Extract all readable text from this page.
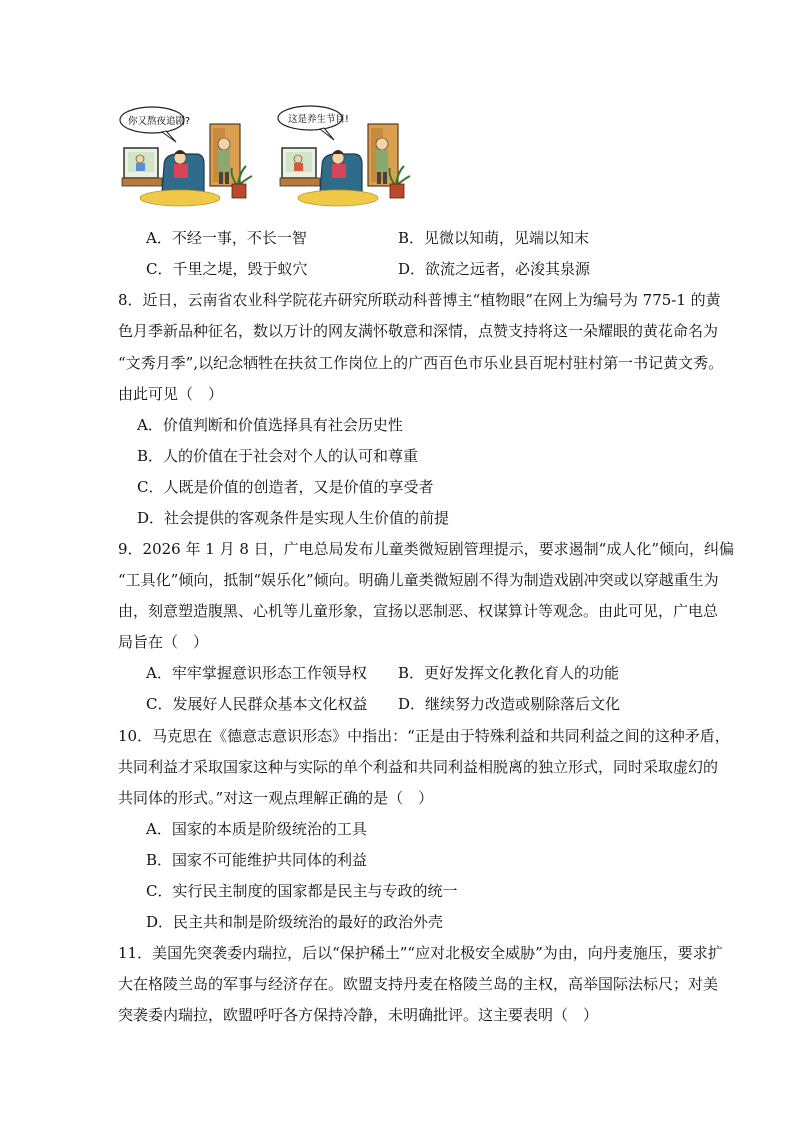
你又熬夜追剧?	这是养生节目!
A．不经一事，不长一智	B．见微以知萌，见端以知末
C．千里之堤，毁于蚁穴	D．欲流之远者，必浚其泉源
8．近日，云南省农业科学院花卉研究所联动科普博主“植物眼”在网上为编号为 775-1 的黄
色月季新品种征名，数以万计的网友满怀敬意和深情，点赞支持将这一朵耀眼的黄花命名为
“文秀月季”,以纪念牺牲在扶贫工作岗位上的广西百色市乐业县百坭村驻村第一书记黄文秀。
由此可见（　）
A．价值判断和价值选择具有社会历史性
B．人的价值在于社会对个人的认可和尊重
C．人既是价值的创造者，又是价值的享受者
D．社会提供的客观条件是实现人生价值的前提
9．2026 年 1 月 8 日，广电总局发布儿童类微短剧管理提示，要求遏制“成人化”倾向，纠偏
“工具化”倾向，抵制“娱乐化”倾向。明确儿童类微短剧不得为制造戏剧冲突或以穿越重生为
由，刻意塑造腹黑、心机等儿童形象，宣扬以恶制恶、权谋算计等观念。由此可见，广电总
局旨在（　）
A．牢牢掌握意识形态工作领导权 B．更好发挥文化教化育人的功能
C．发展好人民群众基本文化权益 D．继续努力改造或剔除落后文化
10．马克思在《德意志意识形态》中指出：“正是由于特殊利益和共同利益之间的这种矛盾，
共同利益才采取国家这种与实际的单个利益和共同利益相脱离的独立形式，同时采取虚幻的
共同体的形式。”对这一观点理解正确的是（　）
A．国家的本质是阶级统治的工具
B．国家不可能维护共同体的利益
C．实行民主制度的国家都是民主与专政的统一
D．民主共和制是阶级统治的最好的政治外壳
11．美国先突袭委内瑞拉，后以“保护稀土”“应对北极安全威胁”为由，向丹麦施压，要求扩
大在格陵兰岛的军事与经济存在。欧盟支持丹麦在格陵兰岛的主权，高举国际法标尺；对美
突袭委内瑞拉，欧盟呼吁各方保持冷静，未明确批评。这主要表明（　）
